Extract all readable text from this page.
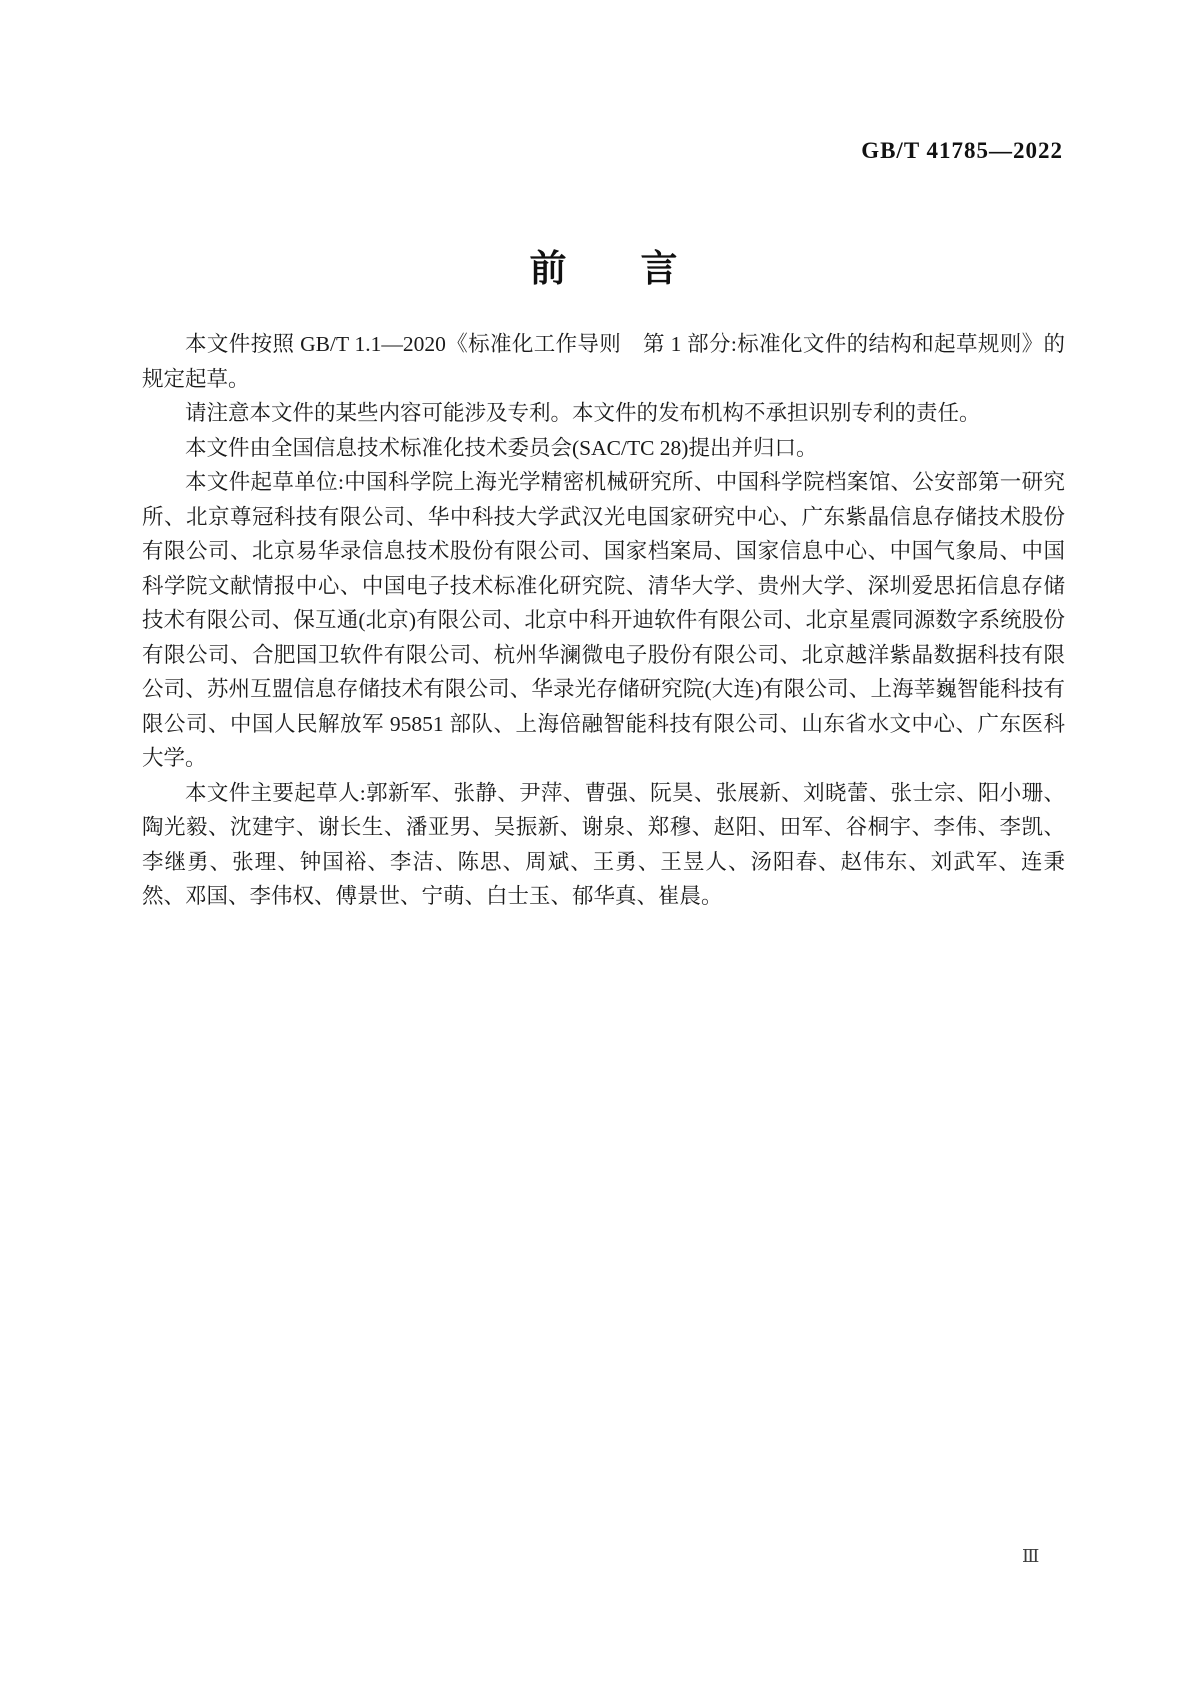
GB/T 41785—2022
前　　言

本文件按照 GB/T 1.1—2020《标准化工作导则　第 1 部分:标准化文件的结构和起草规则》的规定起草。

请注意本文件的某些内容可能涉及专利。本文件的发布机构不承担识别专利的责任。

本文件由全国信息技术标准化技术委员会(SAC/TC 28)提出并归口。

本文件起草单位:中国科学院上海光学精密机械研究所、中国科学院档案馆、公安部第一研究所、北京尊冠科技有限公司、华中科技大学武汉光电国家研究中心、广东紫晶信息存储技术股份有限公司、北京易华录信息技术股份有限公司、国家档案局、国家信息中心、中国气象局、中国科学院文献情报中心、中国电子技术标准化研究院、清华大学、贵州大学、深圳爱思拓信息存储技术有限公司、保互通(北京)有限公司、北京中科开迪软件有限公司、北京星震同源数字系统股份有限公司、合肥国卫软件有限公司、杭州华澜微电子股份有限公司、北京越洋紫晶数据科技有限公司、苏州互盟信息存储技术有限公司、华录光存储研究院(大连)有限公司、上海莘巍智能科技有限公司、中国人民解放军 95851 部队、上海倍融智能科技有限公司、山东省水文中心、广东医科大学。

本文件主要起草人:郭新军、张静、尹萍、曹强、阮昊、张展新、刘晓蕾、张士宗、阳小珊、陶光毅、沈建宇、谢长生、潘亚男、吴振新、谢泉、郑穆、赵阳、田军、谷桐宇、李伟、李凯、李继勇、张理、钟国裕、李洁、陈思、周斌、王勇、王昱人、汤阳春、赵伟东、刘武军、连秉然、邓国、李伟权、傅景世、宁萌、白士玉、郁华真、崔晨。

Ⅲ
